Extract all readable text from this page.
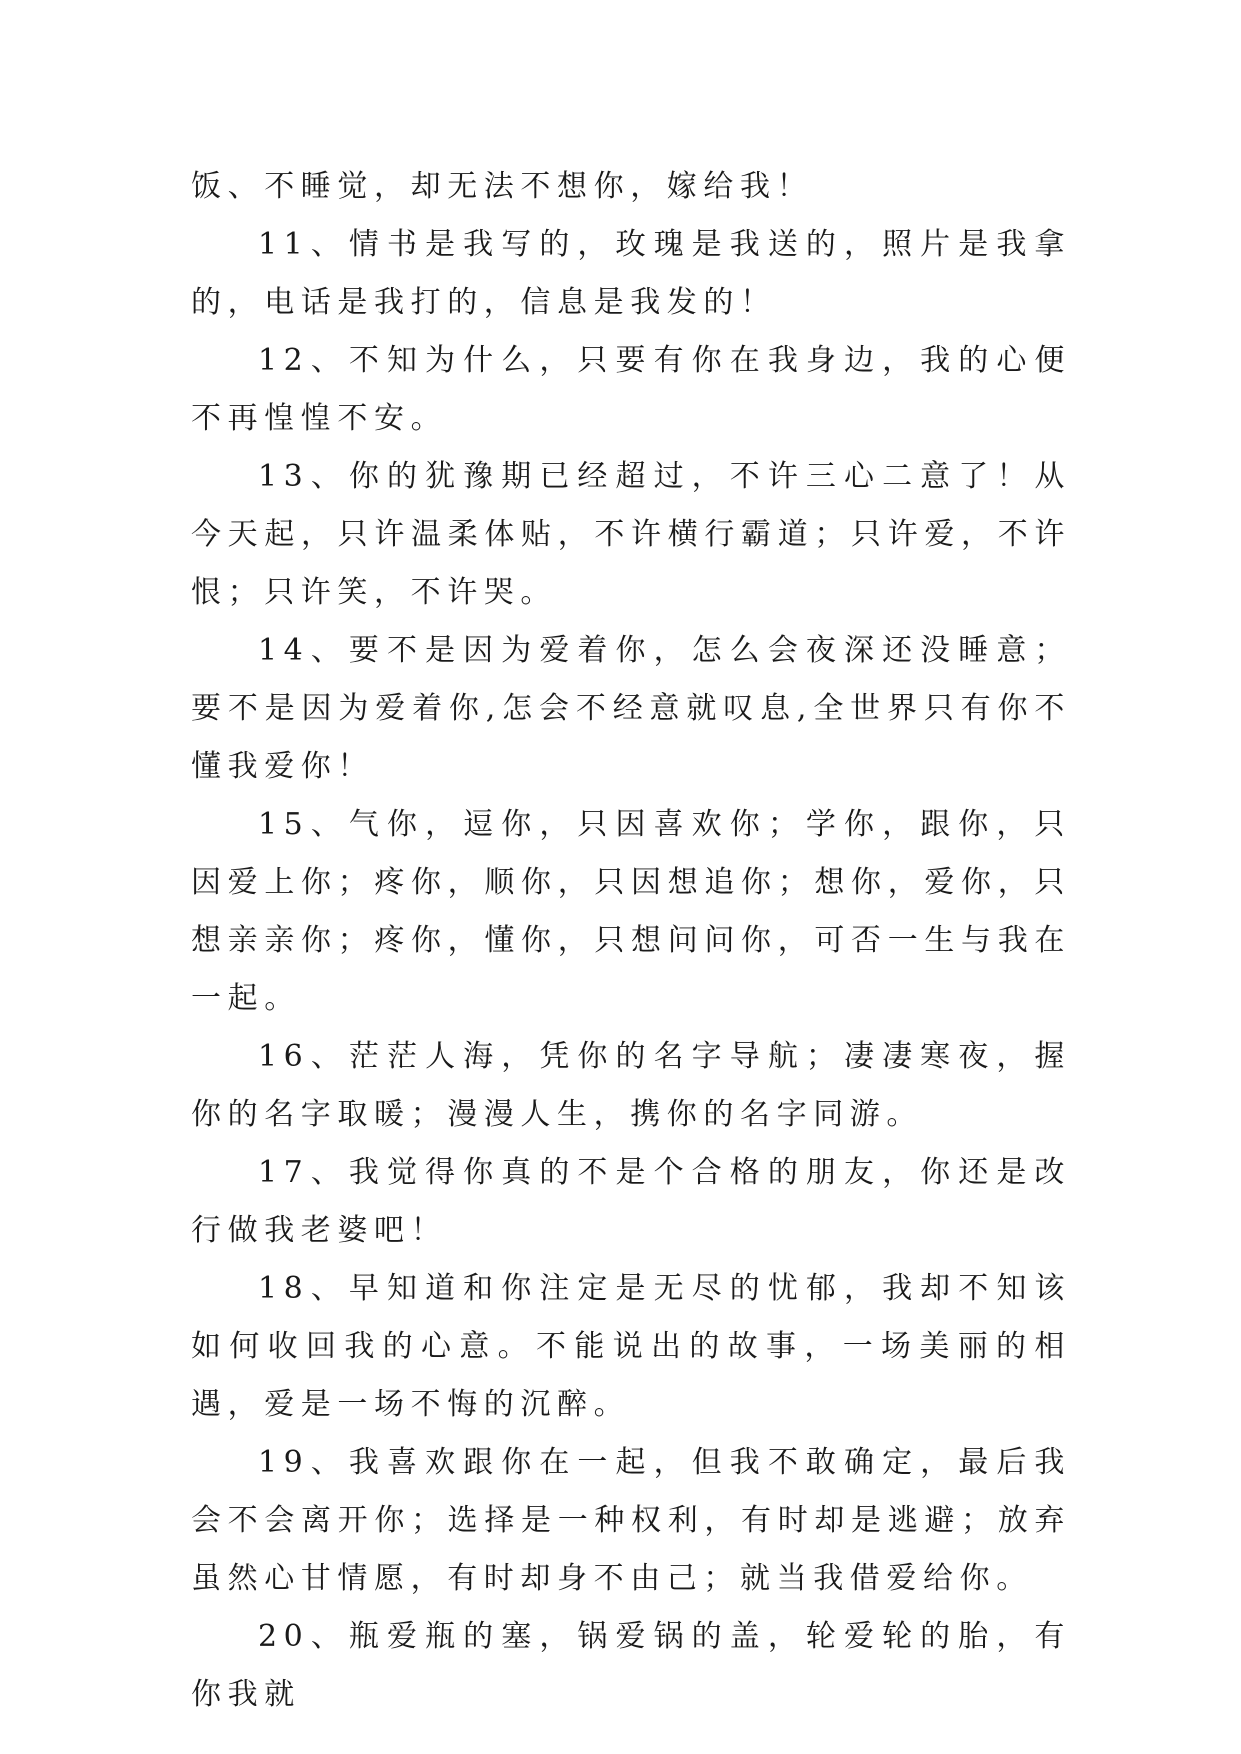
饭、不睡觉，却无法不想你，嫁给我！

11、情书是我写的，玫瑰是我送的，照片是我拿的，电话是我打的，信息是我发的！

12、不知为什么，只要有你在我身边，我的心便不再惶惶不安。

13、你的犹豫期已经超过，不许三心二意了！从今天起，只许温柔体贴，不许横行霸道；只许爱，不许恨；只许笑，不许哭。

14、要不是因为爱着你，怎么会夜深还没睡意；要不是因为爱着你,怎会不经意就叹息,全世界只有你不懂我爱你！

15、气你，逗你，只因喜欢你；学你，跟你，只因爱上你；疼你，顺你，只因想追你；想你，爱你，只想亲亲你；疼你，懂你，只想问问你，可否一生与我在一起。

16、茫茫人海，凭你的名字导航；凄凄寒夜，握你的名字取暖；漫漫人生，携你的名字同游。

17、我觉得你真的不是个合格的朋友，你还是改行做我老婆吧！

18、早知道和你注定是无尽的忧郁，我却不知该如何收回我的心意。不能说出的故事，一场美丽的相遇，爱是一场不悔的沉醉。

19、我喜欢跟你在一起，但我不敢确定，最后我会不会离开你；选择是一种权利，有时却是逃避；放弃虽然心甘情愿，有时却身不由己；就当我借爱给你。

20、瓶爱瓶的塞，锅爱锅的盖，轮爱轮的胎，有你我就
